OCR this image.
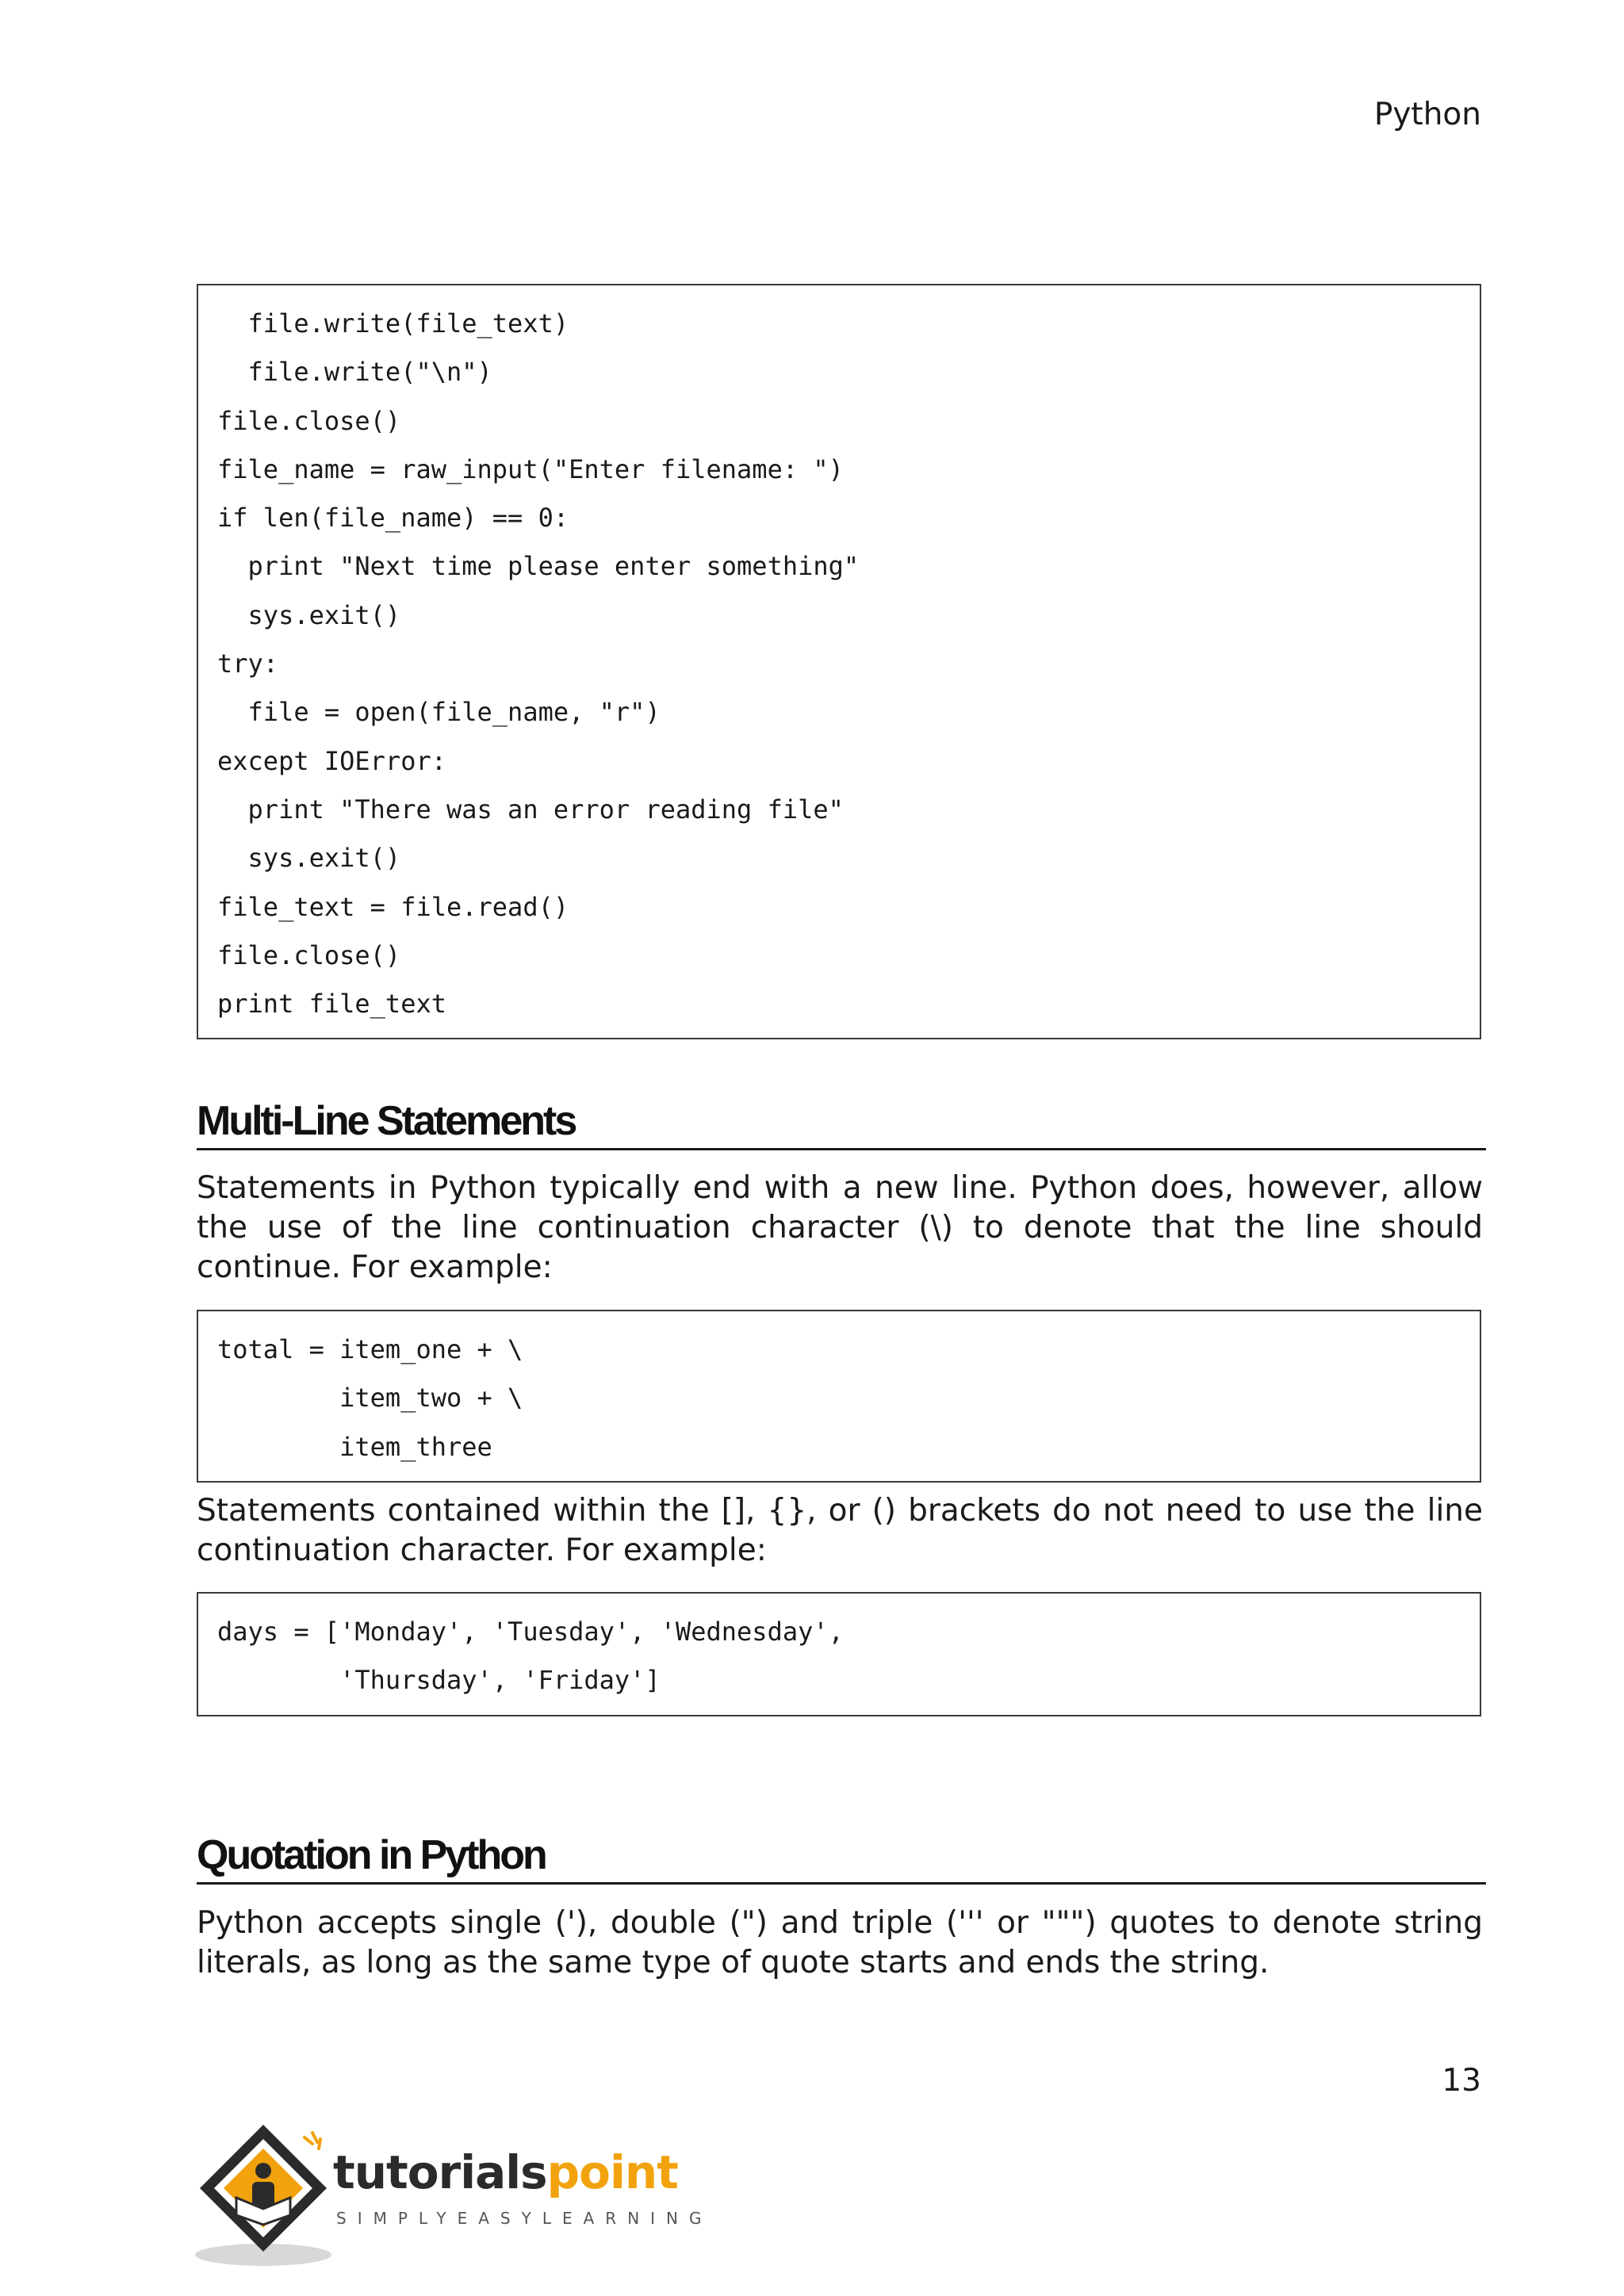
Python
file.write(file_text)
file.write("\n")
file.close()
file_name = raw_input("Enter filename: ")
if len(file_name) == 0:
print "Next time please enter something"
sys.exit()
try:
file = open(file_name, "r")
except IOError:
print "There was an error reading file"
sys.exit()
file_text = file.read()
file.close()
print file_text
Multi-Line Statements
Statements in Python typically end with a new line. Python does, however, allow the use of the line continuation character (\) to denote that the line should continue. For example:
total = item_one + \
item_two + \
item_three
Statements contained within the [], {}, or () brackets do not need to use the line continuation character. For example:
days = ['Monday', 'Tuesday', 'Wednesday',
'Thursday', 'Friday']
Quotation in Python
Python accepts single ('), double (") and triple (''' or """) quotes to denote string literals, as long as the same type of quote starts and ends the string.
13
tutorialspoint
SIMPLYEASYLEARNING
